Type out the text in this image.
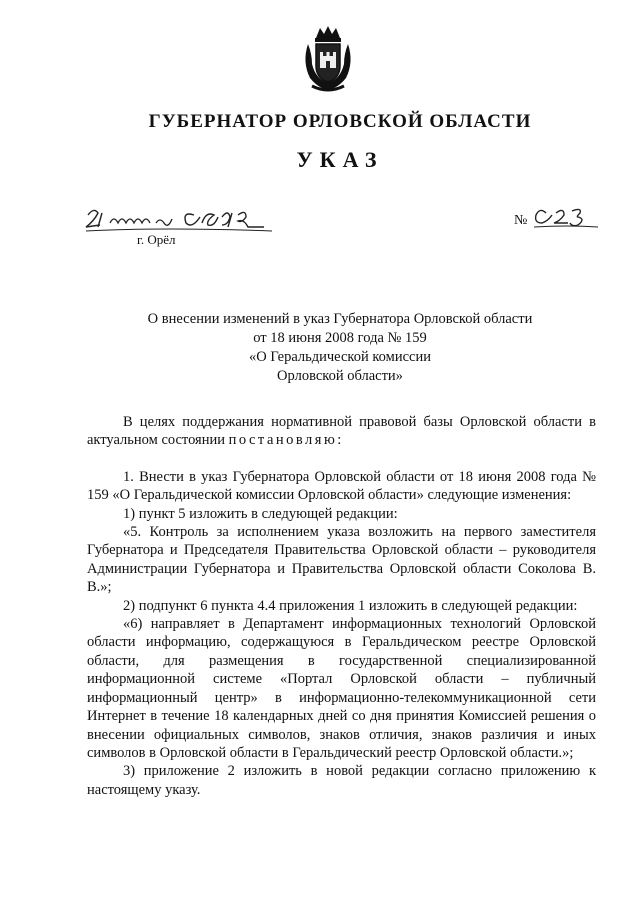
ГУБЕРНАТОР ОРЛОВСКОЙ ОБЛАСТИ
УКАЗ
г. Орёл
№
О внесении изменений в указ Губернатора Орловской области
от 18 июня 2008 года № 159
«О Геральдической комиссии
Орловской области»

В целях поддержания нормативной правовой базы Орловской области в актуальном состоянии постановляю:

1. Внести в указ Губернатора Орловской области от 18 июня 2008 года № 159 «О Геральдической комиссии Орловской области» следующие изменения:

1) пункт 5 изложить в следующей редакции:

«5. Контроль за исполнением указа возложить на первого заместителя Губернатора и Председателя Правительства Орловской области – руководителя Администрации Губернатора и Правительства Орловской области Соколова В. В.»;

2) подпункт 6 пункта 4.4 приложения 1 изложить в следующей редакции:

«6) направляет в Департамент информационных технологий Орловской области информацию, содержащуюся в Геральдическом реестре Орловской области, для размещения в государственной специализированной информационной системе «Портал Орловской области – публичный информационный центр» в информационно-телекоммуникационной сети Интернет в течение 18 календарных дней со дня принятия Комиссией решения о внесении официальных символов, знаков отличия, знаков различия и иных символов в Орловской области в Геральдический реестр Орловской области.»;

3) приложение 2 изложить в новой редакции согласно приложению к настоящему указу.
